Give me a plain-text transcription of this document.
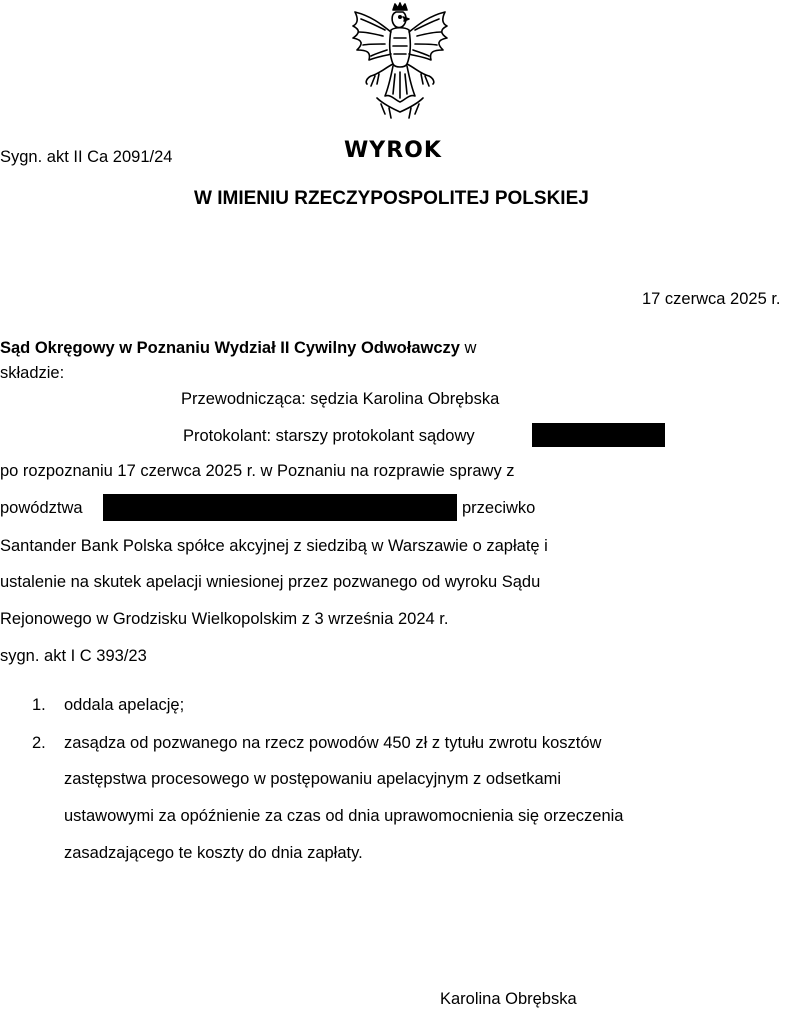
Sygn. akt II Ca 2091/24	WYROK
W IMIENIU RZECZYPOSPOLITEJ POLSKIEJ
17 czerwca 2025 r.
Sąd Okręgowy w Poznaniu Wydział II Cywilny Odwoławczy w
składzie:
Przewodnicząca: sędzia Karolina Obrębska
Protokolant: starszy protokolant sądowy
po rozpoznaniu 17 czerwca 2025 r. w Poznaniu na rozprawie sprawy z
powództwa	przeciwko
Santander Bank Polska spółce akcyjnej z siedzibą w Warszawie o zapłatę i
ustalenie na skutek apelacji wniesionej przez pozwanego od wyroku Sądu
Rejonowego w Grodzisku Wielkopolskim z 3 września 2024 r.
sygn. akt I C 393/23
1. oddala apelację;
2. zasądza od pozwanego na rzecz powodów 450 zł z tytułu zwrotu kosztów
zastępstwa procesowego w postępowaniu apelacyjnym z odsetkami
ustawowymi za opóźnienie za czas od dnia uprawomocnienia się orzeczenia
zasadzającego te koszty do dnia zapłaty.
Karolina Obrębska
